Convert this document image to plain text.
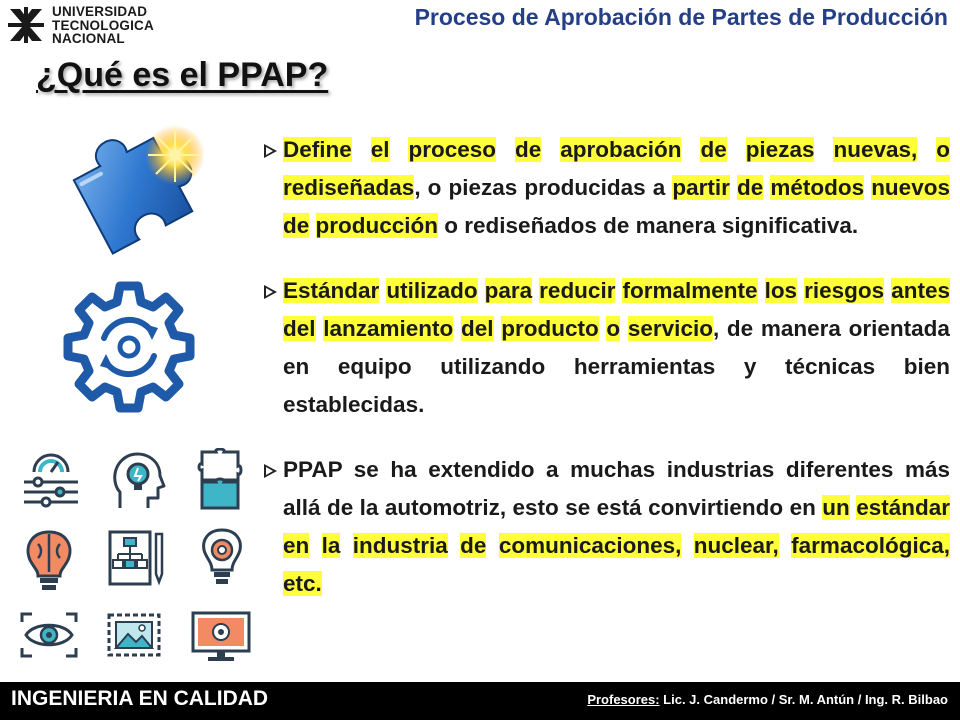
UNIVERSIDAD
TECNOLOGICA
NACIONAL
Proceso de Aprobación de Partes de Producción
¿Qué es el PPAP?
Define el proceso de aprobación de piezas nuevas, o rediseñadas, o piezas producidas a partir de métodos nuevos de producción o rediseñados de manera significativa.
Estándar utilizado para reducir formalmente los riesgos antes del lanzamiento del producto o servicio, de manera orientada en equipo utilizando herramientas y técnicas bien establecidas.
PPAP se ha extendido a muchas industrias diferentes más allá de la automotriz, esto se está convirtiendo en un estándar en la industria de comunicaciones, nuclear, farmacológica, etc.
INGENIERIA EN CALIDAD	Profesores: Lic. J. Candermo / Sr. M. Antún / Ing. R. Bilbao
